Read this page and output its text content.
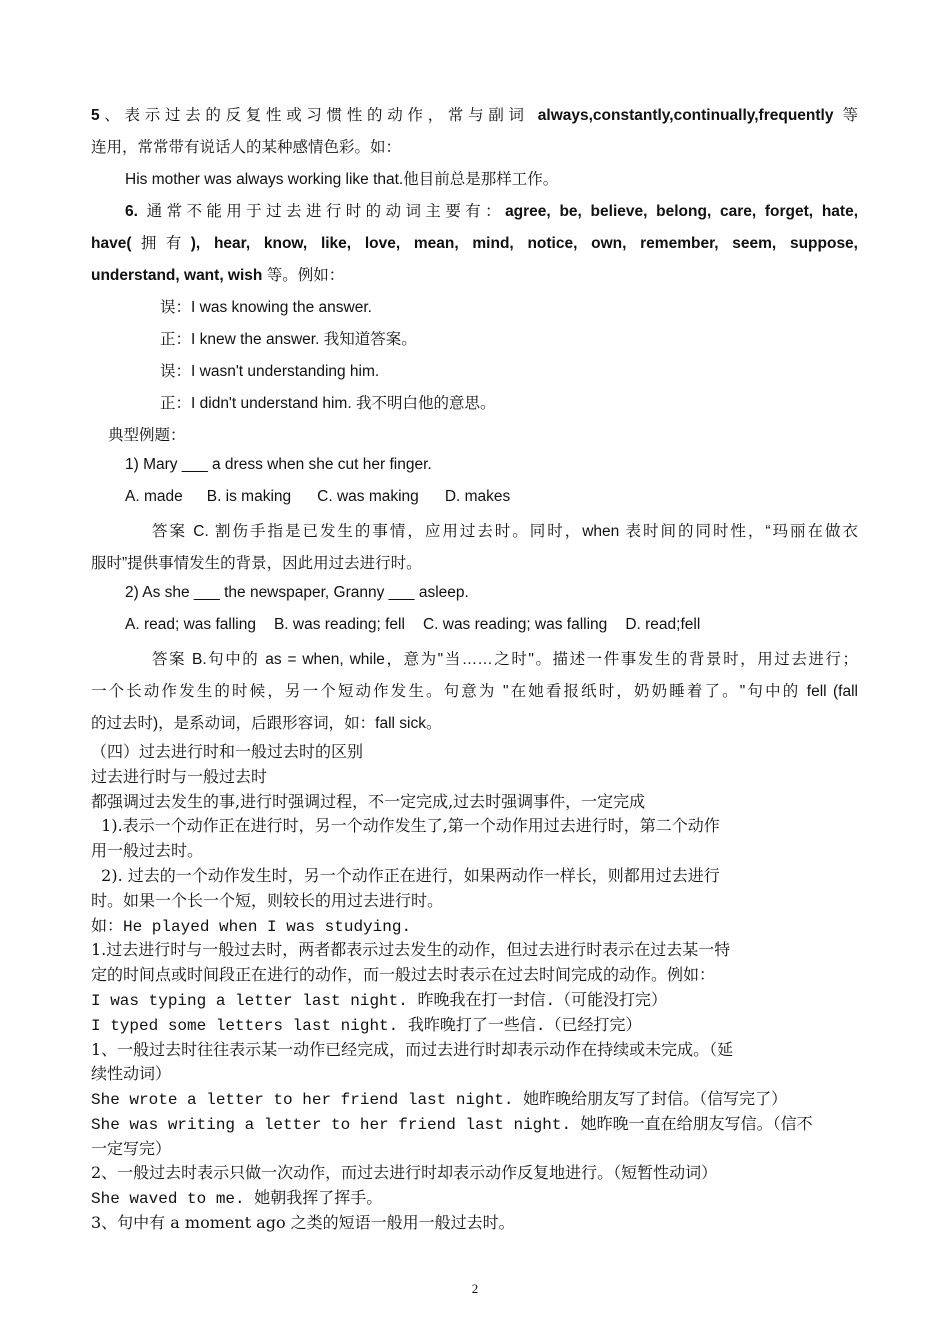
5、表示过去的反复性或习惯性的动作，常与副词 always,constantly,continually,frequently 等
连用，常常带有说话人的某种感情色彩。如：
His mother was always working like that.他目前总是那样工作。
6. 通常不能用于过去进行时的动词主要有：agree, be, believe, belong, care, forget, hate,
have(拥有), hear, know, like, love, mean, mind, notice, own, remember, seem, suppose,
understand, want, wish 等。例如：
误：I was knowing the answer.
正：I knew the answer. 我知道答案。
误：I wasn't understanding him.
正：I didn't understand him. 我不明白他的意思。
典型例题：
1) Mary ___ a dress when she cut her finger.
A. made B. is making C. was making D. makes
答案 C. 割伤手指是已发生的事情，应用过去时。同时，when 表时间的同时性，“玛丽在做衣
服时”提供事情发生的背景，因此用过去进行时。
2) As she ___ the newspaper, Granny ___ asleep.
A. read; was falling B. was reading; fell C. was reading; was falling D. read;fell
答案 B.句中的 as = when, while，意为"当……之时"。描述一件事发生的背景时，用过去进行；
一个长动作发生的时候，另一个短动作发生。句意为 "在她看报纸时，奶奶睡着了。"句中的 fell (fall
的过去时)，是系动词，后跟形容词，如：fall sick。
（四）过去进行时和一般过去时的区别
过去进行时与一般过去时
都强调过去发生的事,进行时强调过程，不一定完成,过去时强调事件，一定完成
1).表示一个动作正在进行时，另一个动作发生了,第一个动作用过去进行时，第二个动作
用一般过去时。
2). 过去的一个动作发生时，另一个动作正在进行，如果两动作一样长，则都用过去进行
时。如果一个长一个短，则较长的用过去进行时。
如：He played when I was studying.
1.过去进行时与一般过去时，两者都表示过去发生的动作，但过去进行时表示在过去某一特
定的时间点或时间段正在进行的动作，而一般过去时表示在过去时间完成的动作。例如：
I was typing a letter last night. 昨晚我在打一封信.（可能没打完）
I typed some letters last night. 我昨晚打了一些信.（已经打完）
1、一般过去时往往表示某一动作已经完成，而过去进行时却表示动作在持续或未完成。（延
续性动词）
She wrote a letter to her friend last night. 她昨晚给朋友写了封信。（信写完了）
She was writing a letter to her friend last night. 她昨晚一直在给朋友写信。（信不
一定写完）
2、一般过去时表示只做一次动作，而过去进行时却表示动作反复地进行。（短暂性动词）
She waved to me. 她朝我挥了挥手。
3、句中有 a moment ago 之类的短语一般用一般过去时。
2
